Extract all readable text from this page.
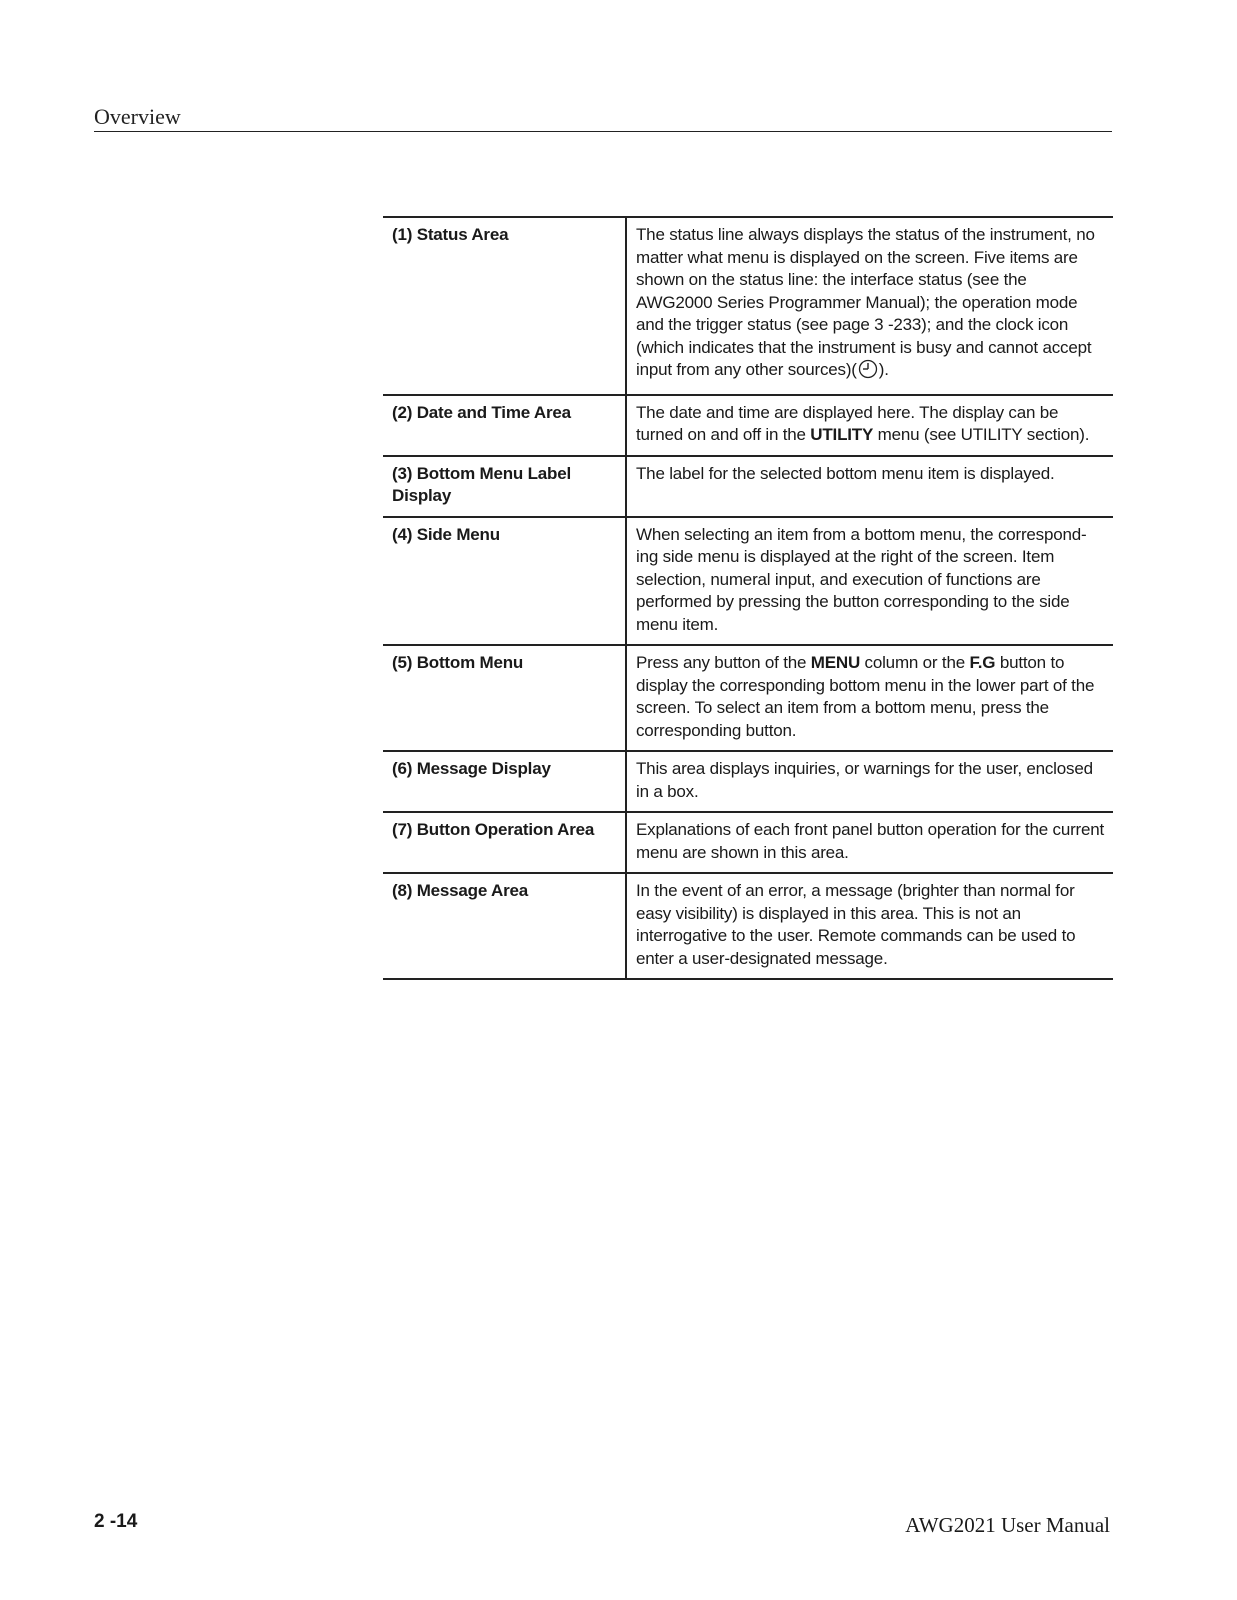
Overview
(1) Status Area	The status line always displays the status of the instrument, no matter what menu is displayed on the screen. Five items are shown on the status line: the interface status (see the AWG2000 Series Programmer Manual); the operation mode and the trigger status (see page 3 -233); and the clock icon (which indicates that the instrument is busy and cannot accept input from any other sources)( ).
(2) Date and Time Area	The date and time are displayed here. The display can be turned on and off in the UTILITY menu (see UTILITY section).
(3) Bottom Menu Label Display	The label for the selected bottom menu item is displayed.
(4) Side Menu	When selecting an item from a bottom menu, the correspond-ing side menu is displayed at the right of the screen. Item selection, numeral input, and execution of functions are performed by pressing the button corresponding to the side menu item.
(5) Bottom Menu	Press any button of the MENU column or the F.G button to display the corresponding bottom menu in the lower part of the screen. To select an item from a bottom menu, press the corresponding button.
(6) Message Display	This area displays inquiries, or warnings for the user, enclosed in a box.
(7) Button Operation Area	Explanations of each front panel button operation for the current menu are shown in this area.
(8) Message Area	In the event of an error, a message (brighter than normal for easy visibility) is displayed in this area. This is not an interrogative to the user. Remote commands can be used to enter a user-designated message.
2 -14	AWG2021 User Manual
